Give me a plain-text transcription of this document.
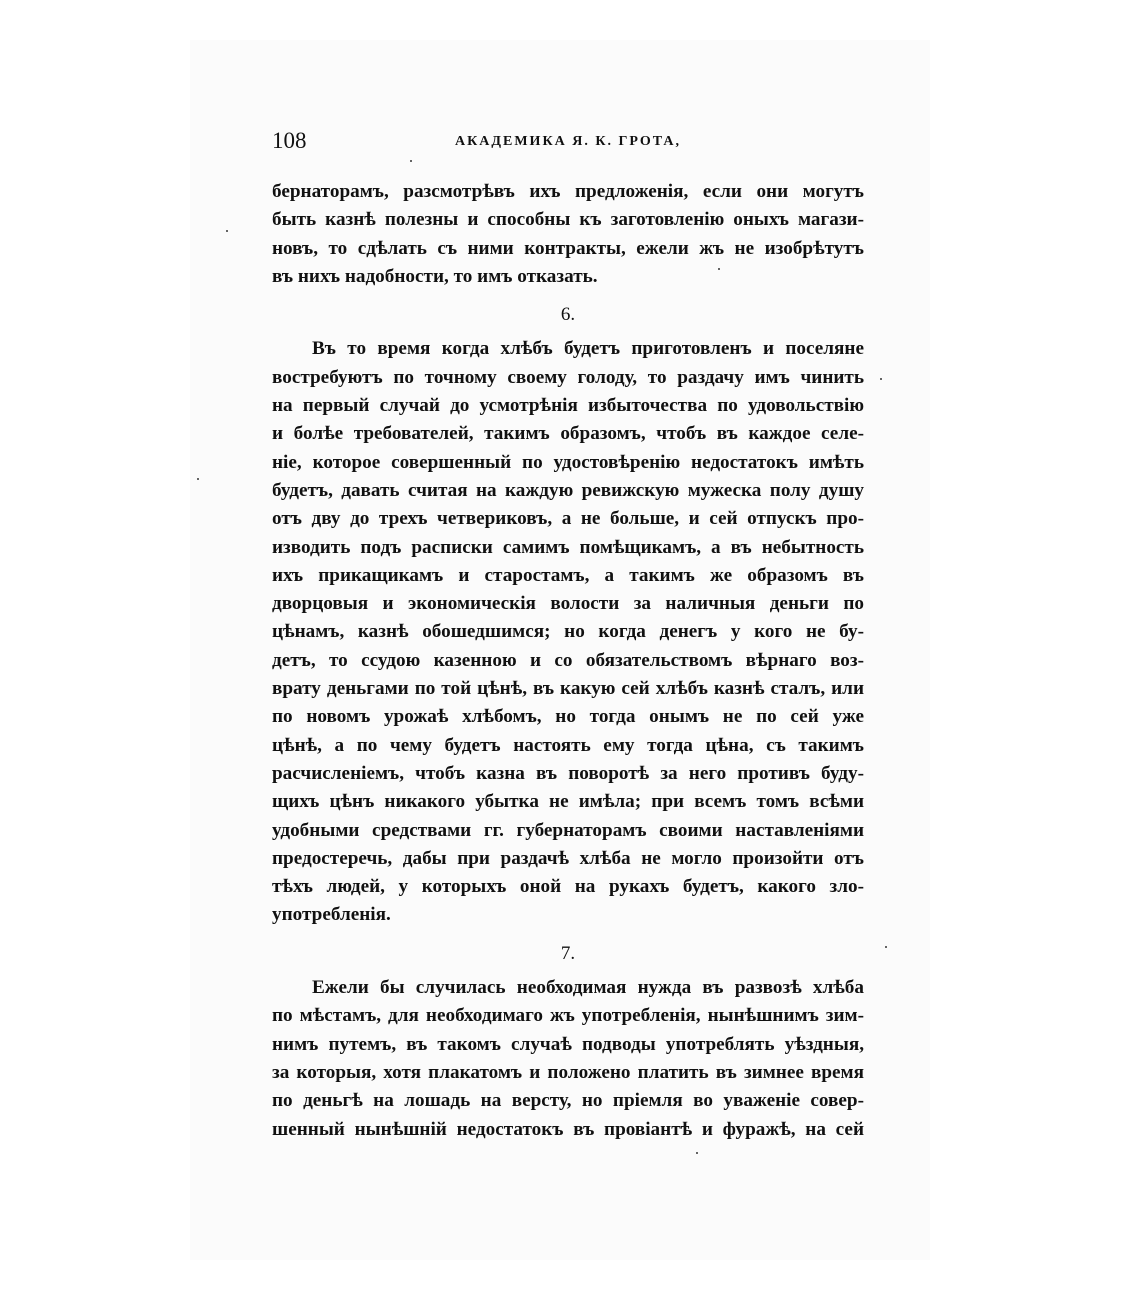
108	АКАДЕМИКА Я. К. ГРОТА,

бернаторамъ, разсмотрѣвъ ихъ предложенія, если они могутъ
быть казнѣ полезны и способны къ заготовленію оныхъ магази-
новъ, то сдѣлать съ ними контракты, ежели жъ не изобрѣтутъ
въ нихъ надобности, то имъ отказать.

6.

Въ то время когда хлѣбъ будетъ приготовленъ и поселяне
востребуютъ по точному своему голоду, то раздачу имъ чинить
на первый случай до усмотрѣнія избыточества по удовольствію
и болѣе требователей, такимъ образомъ, чтобъ въ каждое селе-
ніе, которое совершенный по удостовѣренію недостатокъ имѣть
будетъ, давать считая на каждую ревижскую мужеска полу душу
отъ дву до трехъ четвериковъ, а не больше, и сей отпускъ про-
изводить подъ расписки самимъ помѣщикамъ, а въ небытность
ихъ прикащикамъ и старостамъ, а такимъ же образомъ въ
дворцовыя и экономическія волости за наличныя деньги по
цѣнамъ, казнѣ обошедшимся; но когда денегъ у кого не бу-
детъ, то ссудою казенною и со обязательствомъ вѣрнаго воз-
врату деньгами по той цѣнѣ, въ какую сей хлѣбъ казнѣ сталъ, или
по новомъ урожаѣ хлѣбомъ, но тогда онымъ не по сей уже
цѣнѣ, а по чему будетъ настоять ему тогда цѣна, съ такимъ
расчисленіемъ, чтобъ казна въ поворотѣ за него противъ буду-
щихъ цѣнъ никакого убытка не имѣла; при всемъ томъ всѣми
удобными средствами гг. губернаторамъ своими наставленіями
предостеречь, дабы при раздачѣ хлѣба не могло произойти отъ
тѣхъ людей, у которыхъ оной на рукахъ будетъ, какого зло-
употребленія.

7.

Ежели бы случилась необходимая нужда въ развозѣ хлѣба
по мѣстамъ, для необходимаго жъ употребленія, нынѣшнимъ зим-
нимъ путемъ, въ такомъ случаѣ подводы употреблять уѣздныя,
за которыя, хотя плакатомъ и положено платить въ зимнее время
по деньгѣ на лошадь на версту, но пріемля во уваженіе совер-
шенный нынѣшній недостатокъ въ провіантѣ и фуражѣ, на сей
